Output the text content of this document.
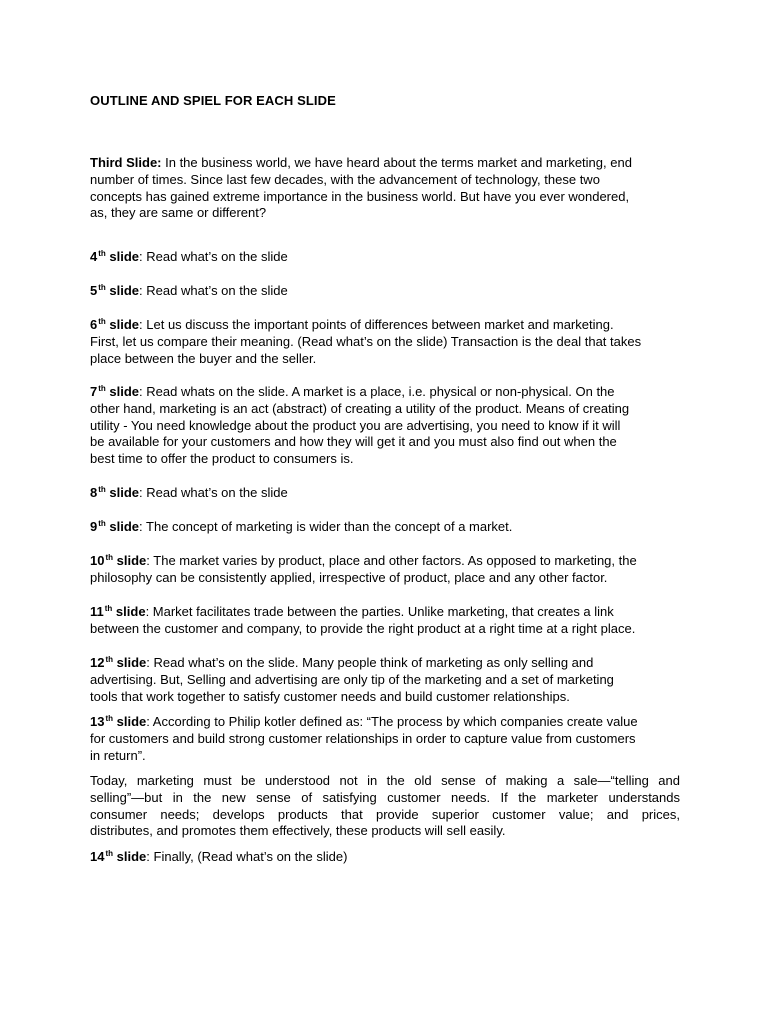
OUTLINE AND SPIEL FOR EACH SLIDE
Third Slide: In the business world, we have heard about the terms market and marketing, end
number of times. Since last few decades, with the advancement of technology, these two
concepts has gained extreme importance in the business world. But have you ever wondered,
as, they are same or different?
4th slide: Read what’s on the slide
5th slide: Read what’s on the slide
6th slide: Let us discuss the important points of differences between market and marketing.
First, let us compare their meaning. (Read what’s on the slide) Transaction is the deal that takes
place between the buyer and the seller.
7th slide: Read whats on the slide. A market is a place, i.e. physical or non-physical. On the
other hand, marketing is an act (abstract) of creating a utility of the product. Means of creating
utility - You need knowledge about the product you are advertising, you need to know if it will
be available for your customers and how they will get it and you must also find out when the
best time to offer the product to consumers is.
8th slide: Read what’s on the slide
9th slide: The concept of marketing is wider than the concept of a market.
10th slide: The market varies by product, place and other factors. As opposed to marketing, the
philosophy can be consistently applied, irrespective of product, place and any other factor.
11th slide: Market facilitates trade between the parties. Unlike marketing, that creates a link
between the customer and company, to provide the right product at a right time at a right place.
12th slide: Read what’s on the slide. Many people think of marketing as only selling and
advertising. But, Selling and advertising are only tip of the marketing and a set of marketing
tools that work together to satisfy customer needs and build customer relationships.
13th slide: According to Philip kotler defined as: “The process by which companies create value
for customers and build strong customer relationships in order to capture value from customers
in return”.
Today, marketing must be understood not in the old sense of making a sale—“telling and
selling”—but in the new sense of satisfying customer needs. If the marketer understands
consumer needs; develops products that provide superior customer value; and prices,
distributes, and promotes them effectively, these products will sell easily.
14th slide: Finally, (Read what’s on the slide)
